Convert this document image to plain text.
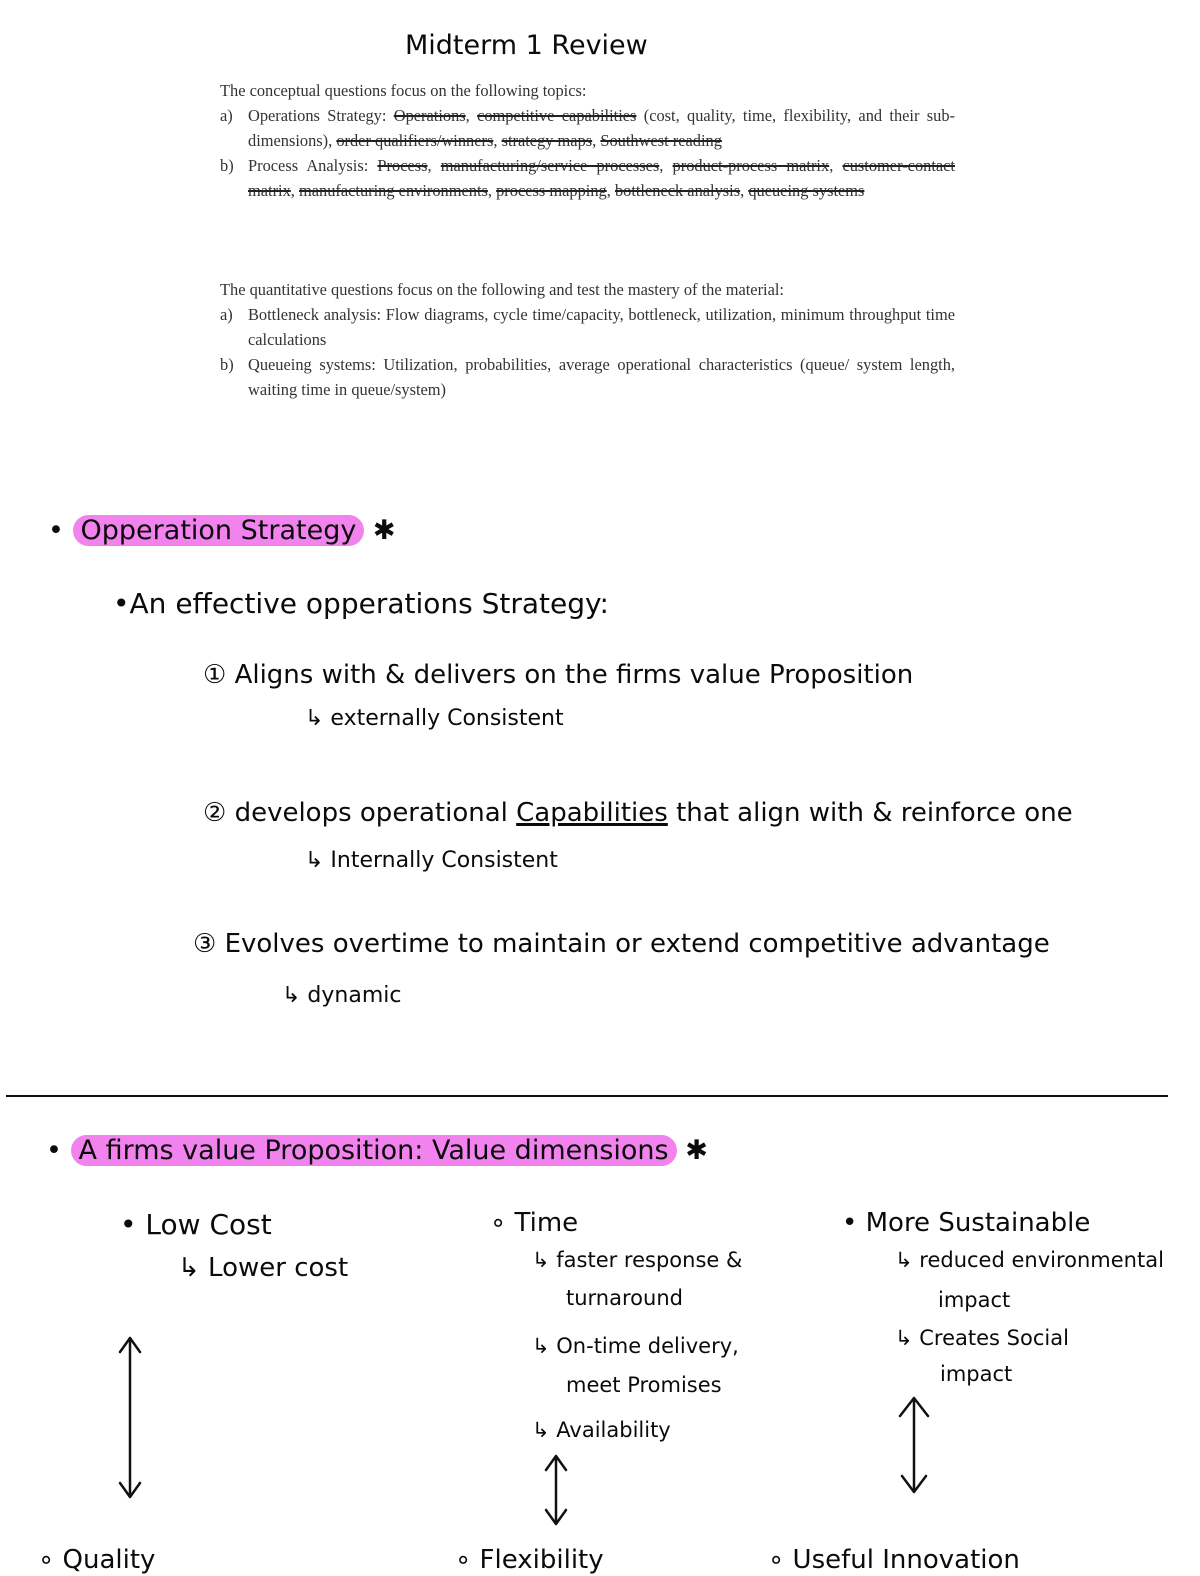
Midterm 1 Review
The conceptual questions focus on the following topics:
a) Operations Strategy: Operations, competitive capabilities (cost, quality, time, flexibility, and their sub-dimensions), order qualifiers/winners, strategy maps, Southwest reading
b) Process Analysis: Process, manufacturing/service processes, product-process matrix, customer-contact matrix, manufacturing environments, process mapping, bottleneck analysis, queueing systems
The quantitative questions focus on the following and test the mastery of the material:
a) Bottleneck analysis: Flow diagrams, cycle time/capacity, bottleneck, utilization, minimum throughput time calculations
b) Queueing systems: Utilization, probabilities, average operational characteristics (queue/ system length, waiting time in queue/system)
• Opperation Strategy ✱
•An effective opperations Strategy:
① Aligns with & delivers on the firms value Proposition
↳ externally Consistent
② develops operational Capabilities that align with & reinforce one
↳ Internally Consistent
③ Evolves overtime to maintain or extend competitive advantage
↳ dynamic
• A firms value Proposition: Value dimensions ✱
• Low Cost
↳ Lower cost
∘ Time
↳ faster response &
turnaround
↳ On-time delivery,
meet Promises
↳ Availability
• More Sustainable
↳ reduced environmental
impact
↳ Creates Social
impact
∘ Quality	∘ Flexibility	∘ Useful Innovation
